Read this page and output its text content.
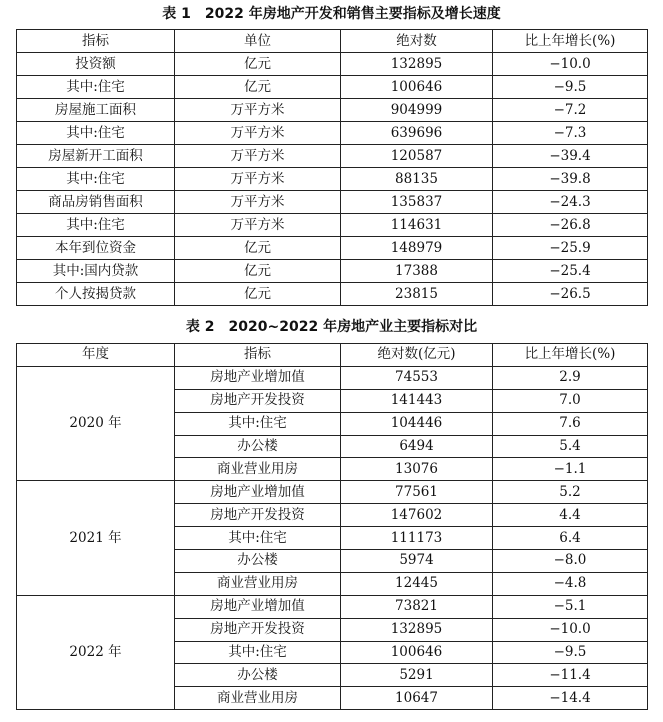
表 1　2022 年房地产开发和销售主要指标及增长速度
指标	单位	绝对数	比上年增长(%)
投资额	亿元	132895	−10.0
其中:住宅	亿元	100646	−9.5
房屋施工面积	万平方米	904999	−7.2
其中:住宅	万平方米	639696	−7.3
房屋新开工面积	万平方米	120587	−39.4
其中:住宅	万平方米	88135	−39.8
商品房销售面积	万平方米	135837	−24.3
其中:住宅	万平方米	114631	−26.8
本年到位资金	亿元	148979	−25.9
其中:国内贷款	亿元	17388	−25.4
个人按揭贷款	亿元	23815	−26.5
表 2　2020~2022 年房地产业主要指标对比
年度	指标	绝对数(亿元)	比上年增长(%)
2020 年	房地产业增加值	74553	2.9
	房地产开发投资	141443	7.0
	其中:住宅	104446	7.6
	办公楼	6494	5.4
	商业营业用房	13076	−1.1
2021 年	房地产业增加值	77561	5.2
	房地产开发投资	147602	4.4
	其中:住宅	111173	6.4
	办公楼	5974	−8.0
	商业营业用房	12445	−4.8
2022 年	房地产业增加值	73821	−5.1
	房地产开发投资	132895	−10.0
	其中:住宅	100646	−9.5
	办公楼	5291	−11.4
	商业营业用房	10647	−14.4
